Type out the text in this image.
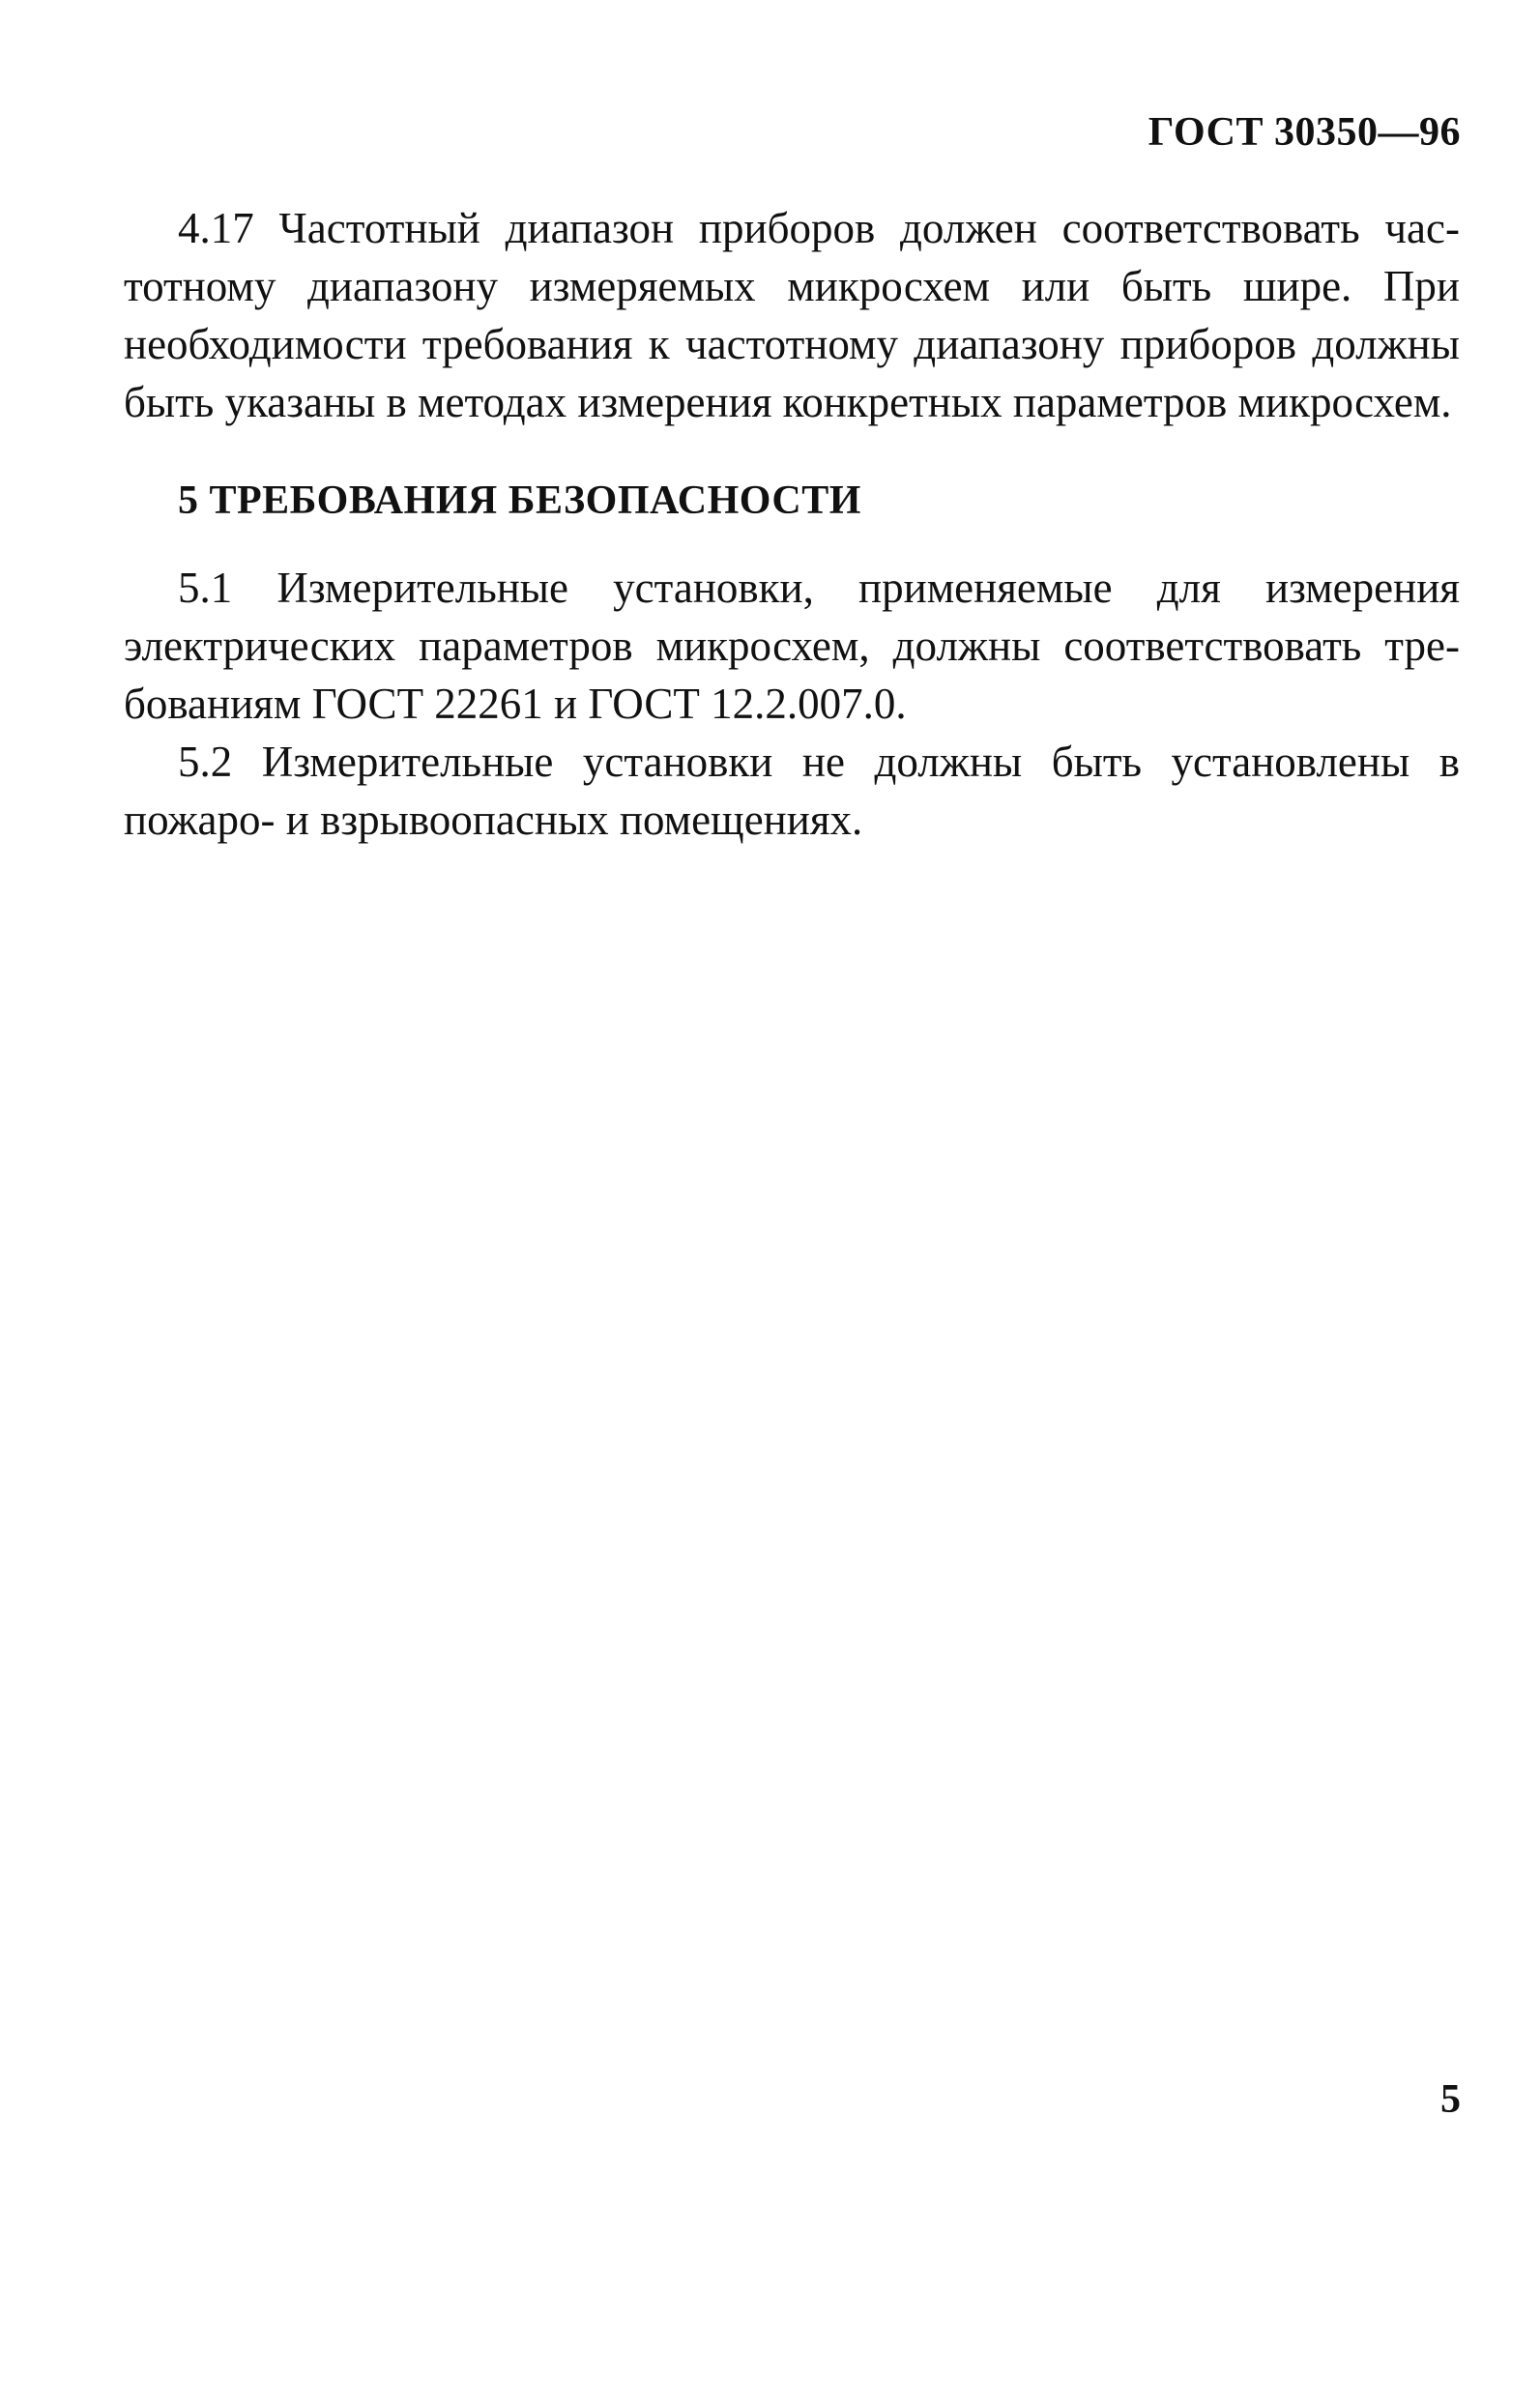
ГОСТ 30350—96

4.17 Частотный диапазон приборов должен соответствовать частотному диапазону измеряемых микросхем или быть шире. При необходимости требования к частотному диапазону приборов должны быть указаны в методах измерения конкретных параметров микросхем.

5 ТРЕБОВАНИЯ БЕЗОПАСНОСТИ

5.1 Измерительные установки, применяемые для измерения электрических параметров микросхем, должны соответствовать требованиям ГОСТ 22261 и ГОСТ 12.2.007.0.

5.2 Измерительные установки не должны быть установлены в пожаро- и взрывоопасных помещениях.

5
